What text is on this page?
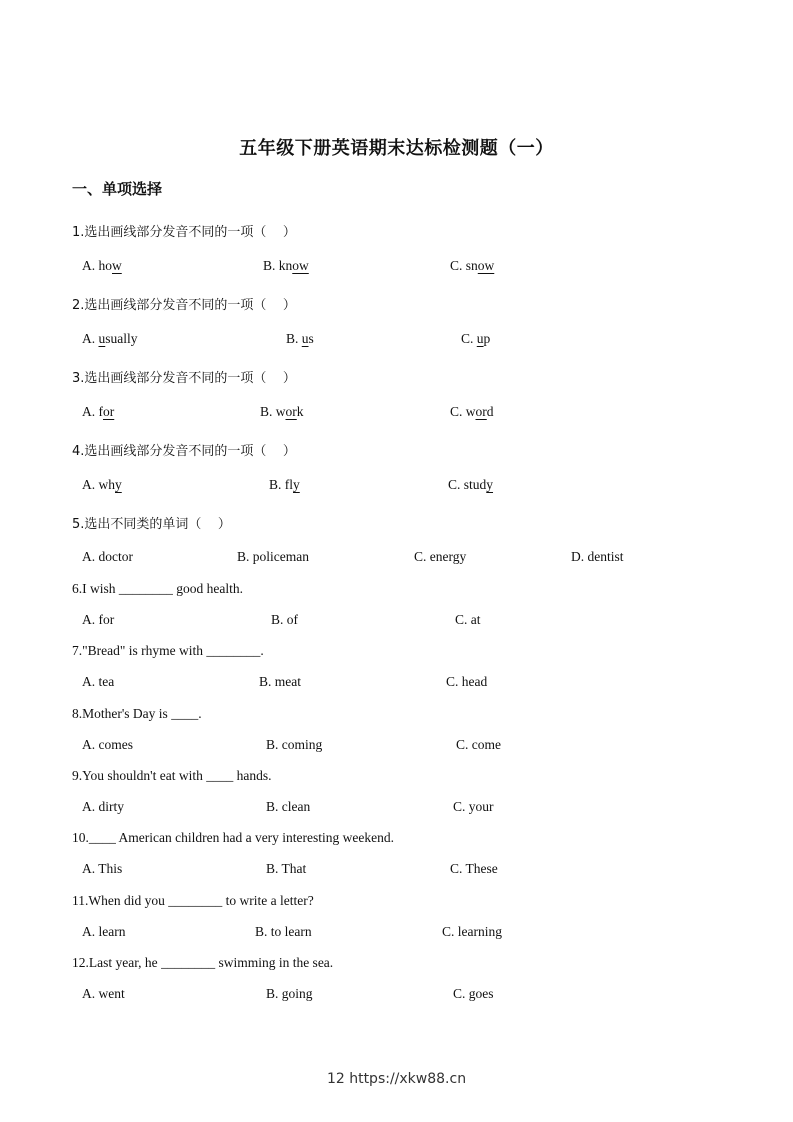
五年级下册英语期末达标检测题（一）
一、单项选择
1.选出画线部分发音不同的一项（    ）
A. how	B. know	C. snow
2.选出画线部分发音不同的一项（    ）
A. usually	B. us	C. up
3.选出画线部分发音不同的一项（    ）
A. for	B. work	C. word
4.选出画线部分发音不同的一项（    ）
A. why	B. fly	C. study
5.选出不同类的单词（    ）
A. doctor	B. policeman	C. energy	D. dentist
6.I wish ________ good health.
A. for	B. of	C. at
7."Bread" is rhyme with ________.
A. tea	B. meat	C. head
8.Mother's Day is ____.
A. comes	B. coming	C. come
9.You shouldn't eat with ____ hands.
A. dirty	B. clean	C. your
10.____ American children had a very interesting weekend.
A. This	B. That	C. These
11.When did you ________ to write a letter?
A. learn	B. to learn	C. learning
12.Last year, he ________ swimming in the sea.
A. went	B. going	C. goes
12 https://xkw88.cn
